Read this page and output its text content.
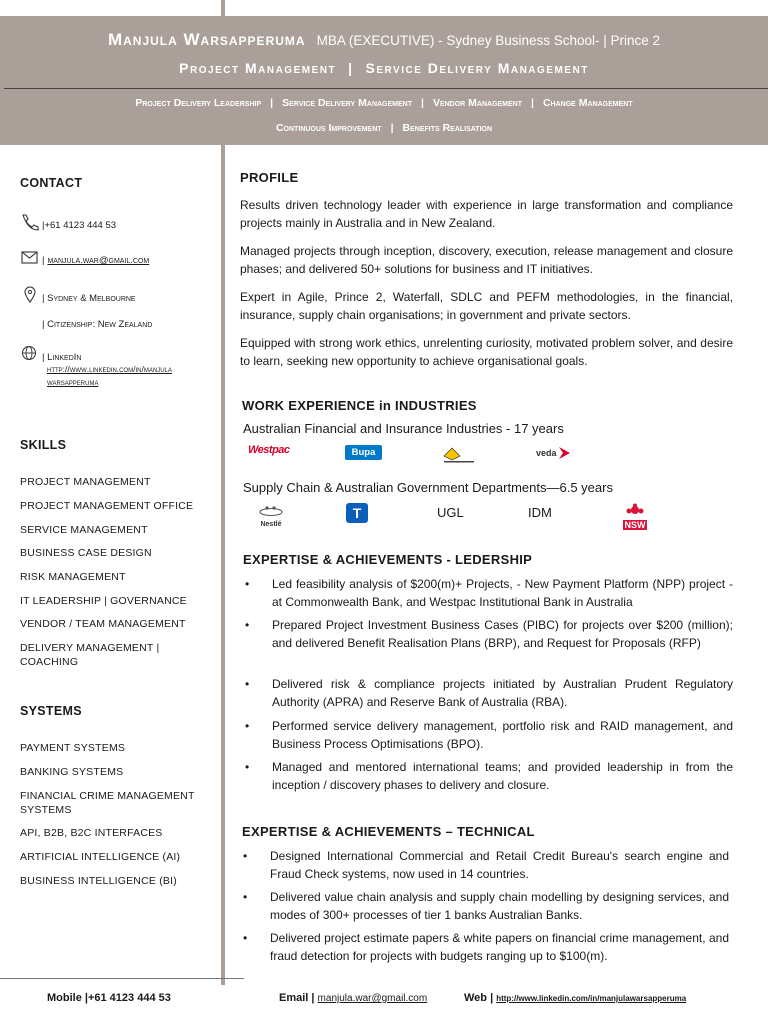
Manjula Warsapperuma MBA (EXECUTIVE) - Sydney Business School- | Prince 2
Project Management | Service Delivery Management
Project Delivery Leadership | Service Delivery Management | Vendor Management | Change Management
Continuous Improvement | Benefits Realisation
CONTACT
|+61 4123 444 53
| manjula.war@gmail.com
| Sydney & Melbourne
| Citizenship: New Zealand
| LinkedIn
http://www.linkedin.com/in/manjula
warsapperuma
SKILLS
PROJECT MANAGEMENT
PROJECT MANAGEMENT OFFICE
SERVICE MANAGEMENT
BUSINESS CASE DESIGN
RISK MANAGEMENT
IT LEADERSHIP | GOVERNANCE
VENDOR / TEAM MANAGEMENT
DELIVERY MANAGEMENT | COACHING
SYSTEMS
PAYMENT SYSTEMS
BANKING SYSTEMS
FINANCIAL CRIME MANAGEMENT SYSTEMS
API, B2B, B2C INTERFACES
ARTIFICIAL INTELLIGENCE (AI)
BUSINESS INTELLIGENCE (BI)
PROFILE
Results driven technology leader with experience in large transformation and compliance projects mainly in Australia and in New Zealand.
Managed projects through inception, discovery, execution, release management and closure phases; and delivered 50+ solutions for business and IT initiatives.
Expert in Agile, Prince 2, Waterfall, SDLC and PEFM methodologies, in the financial, insurance, supply chain organisations; in government and private sectors.
Equipped with strong work ethics, unrelenting curiosity, motivated problem solver, and desire to learn, seeking new opportunity to achieve organisational goals.
WORK EXPERIENCE in INDUSTRIES
Australian Financial and Insurance Industries - 17 years
Westpac	Bupa	veda
Supply Chain & Australian Government Departments—6.5 years
Nestlé
T	UGL	IDM
NSW
EXPERTISE & ACHIEVEMENTS - LEDERSHIP
• Led feasibility analysis of $200(m)+ Projects, - New Payment Platform (NPP) project - at Commonwealth Bank, and Westpac Institutional Bank in Australia
• Prepared Project Investment Business Cases (PIBC) for projects over $200 (million); and delivered Benefit Realisation Plans (BRP), and Request for Proposals (RFP)
• Delivered risk & compliance projects initiated by Australian Prudent Regulatory Authority (APRA) and Reserve Bank of Australia (RBA).
• Performed service delivery management, portfolio risk and RAID management, and Business Process Optimisations (BPO).
• Managed and mentored international teams; and provided leadership in from the inception / discovery phases to delivery and closure.
EXPERTISE & ACHIEVEMENTS – TECHNICAL
• Designed International Commercial and Retail Credit Bureau's search engine and Fraud Check systems, now used in 14 countries.
• Delivered value chain analysis and supply chain modelling by designing services, and modes of 300+ processes of tier 1 banks Australian Banks.
• Delivered project estimate papers & white papers on financial crime management, and fraud detection for projects with budgets ranging up to $100(m).
Mobile |+61 4123 444 53	Email | manjula.war@gmail.com	Web | http://www.linkedin.com/in/manjulawarsapperuma
